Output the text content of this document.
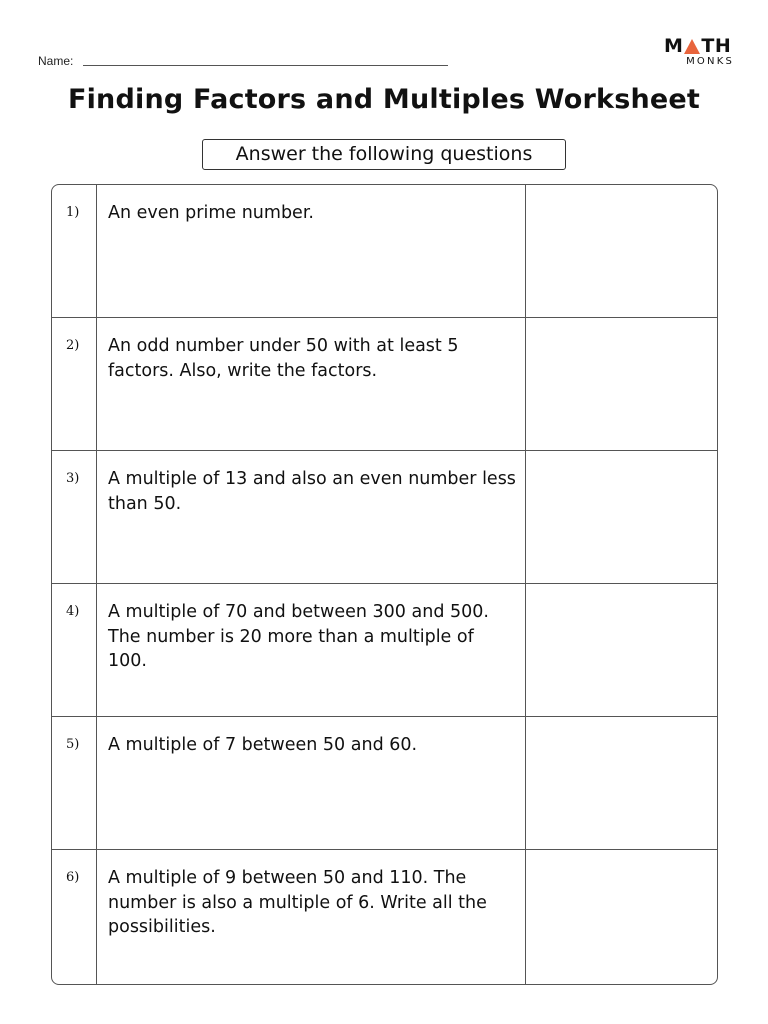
Name:
M TH
MONKS
Finding Factors and Multiples Worksheet
Answer the following questions
1) An even prime number.
2) An odd number under 50 with at least 5 factors. Also, write the factors.
3) A multiple of 13 and also an even number less than 50.
4) A multiple of 70 and between 300 and 500. The number is 20 more than a multiple of 100.
5) A multiple of 7 between 50 and 60.
6) A multiple of 9 between 50 and 110. The number is also a multiple of 6. Write all the possibilities.
